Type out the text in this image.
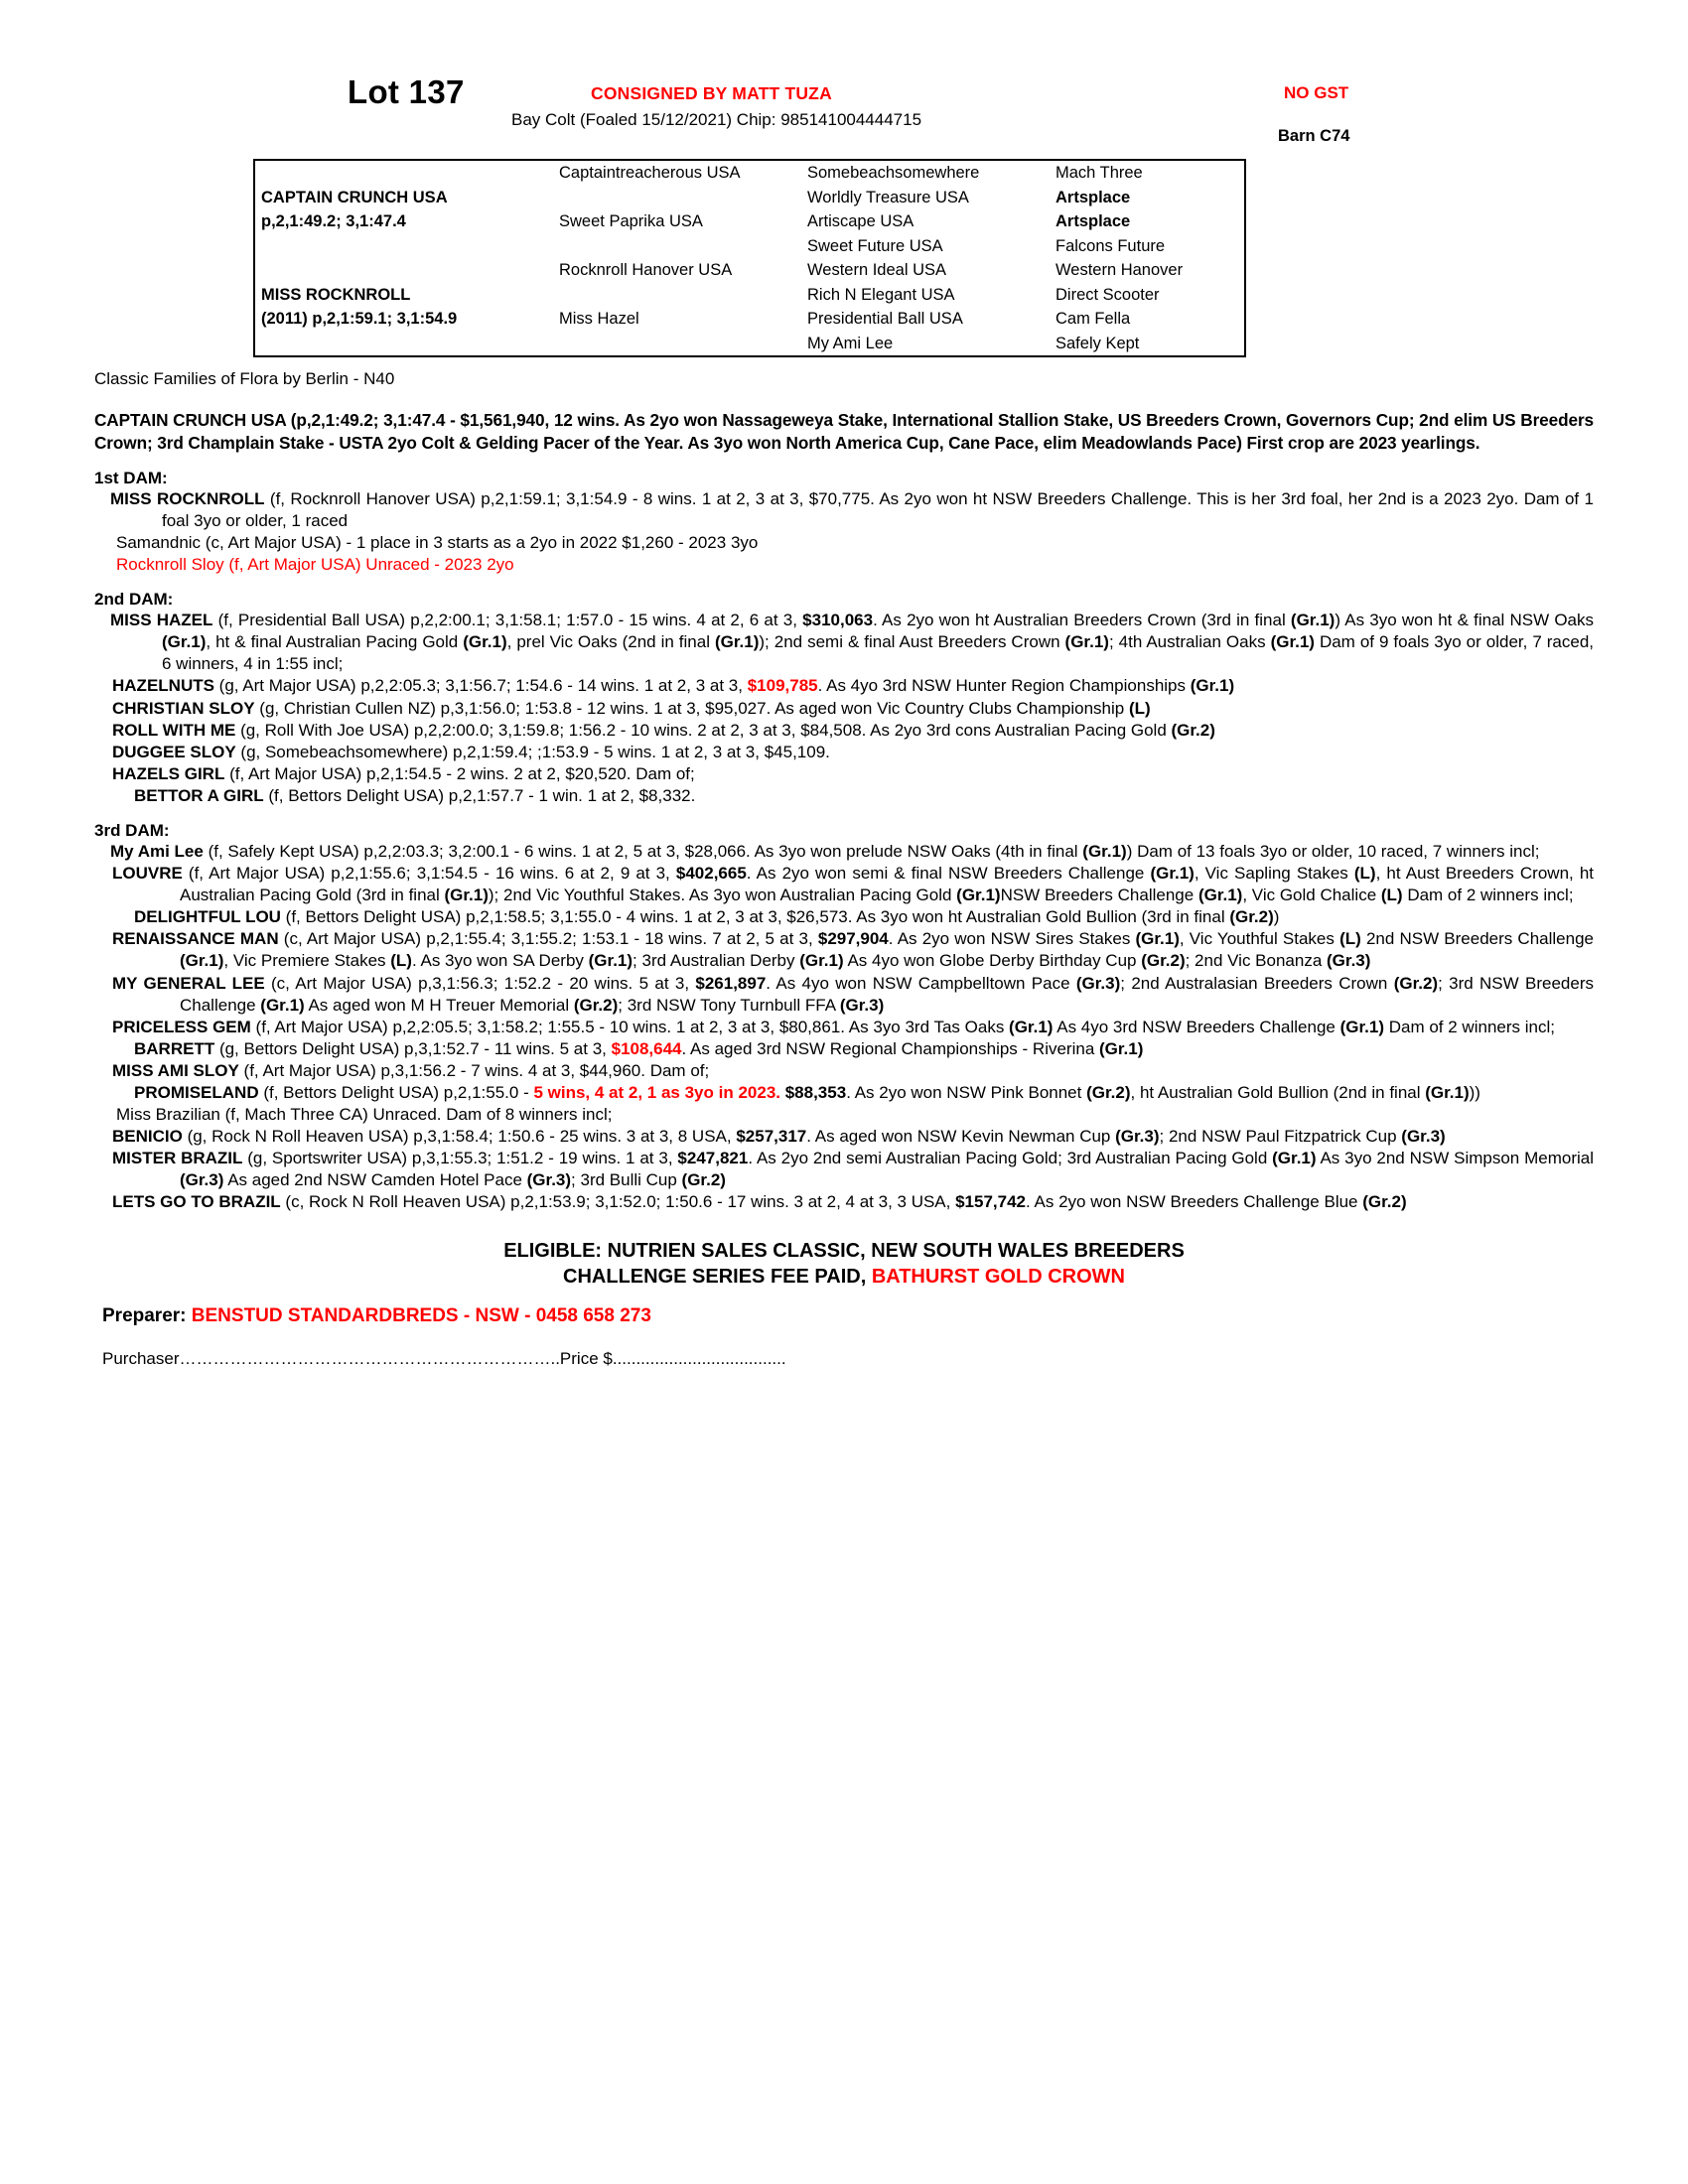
Lot 137	CONSIGNED BY MATT TUZA	NO GST
Bay Colt (Foaled 15/12/2021) Chip: 985141004444715
Barn C74
CAPTAIN CRUNCH USA
p,2,1:49.2; 3,1:47.4	Captaintreacherous USA	Somebeachsomewhere	Mach Three
		Worldly Treasure USA	Artsplace
	Sweet Paprika USA	Artiscape USA	Artsplace
		Sweet Future USA	Falcons Future

MISS ROCKNROLL
(2011) p,2,1:59.1; 3,1:54.9	Rocknroll Hanover USA	Western Ideal USA	Western Hanover
		Rich N Elegant USA	Direct Scooter
	Miss Hazel	Presidential Ball USA	Cam Fella
		My Ami Lee	Safely Kept
Classic Families of Flora by Berlin - N40
CAPTAIN CRUNCH USA (p,2,1:49.2; 3,1:47.4 - $1,561,940, 12 wins. As 2yo won Nassageweya Stake, International Stallion Stake, US Breeders Crown, Governors Cup; 2nd elim US Breeders Crown; 3rd Champlain Stake - USTA 2yo Colt & Gelding Pacer of the Year. As 3yo won North America Cup, Cane Pace, elim Meadowlands Pace) First crop are 2023 yearlings.
1st DAM:
MISS ROCKNROLL (f, Rocknroll Hanover USA) p,2,1:59.1; 3,1:54.9 - 8 wins. 1 at 2, 3 at 3, $70,775. As 2yo won ht NSW Breeders Challenge. This is her 3rd foal, her 2nd is a 2023 2yo. Dam of 1 foal 3yo or older, 1 raced
Samandnic (c, Art Major USA) - 1 place in 3 starts as a 2yo in 2022 $1,260 - 2023 3yo
Rocknroll Sloy (f, Art Major USA) Unraced - 2023 2yo
2nd DAM:
MISS HAZEL (f, Presidential Ball USA) p,2,2:00.1; 3,1:58.1; 1:57.0 - 15 wins. 4 at 2, 6 at 3, $310,063. As 2yo won ht Australian Breeders Crown (3rd in final (Gr.1)) As 3yo won ht & final NSW Oaks (Gr.1), ht & final Australian Pacing Gold (Gr.1), prel Vic Oaks (2nd in final (Gr.1)); 2nd semi & final Aust Breeders Crown (Gr.1); 4th Australian Oaks (Gr.1) Dam of 9 foals 3yo or older, 7 raced, 6 winners, 4 in 1:55 incl;
HAZELNUTS (g, Art Major USA) p,2,2:05.3; 3,1:56.7; 1:54.6 - 14 wins. 1 at 2, 3 at 3, $109,785. As 4yo 3rd NSW Hunter Region Championships (Gr.1)
CHRISTIAN SLOY (g, Christian Cullen NZ) p,3,1:56.0; 1:53.8 - 12 wins. 1 at 3, $95,027. As aged won Vic Country Clubs Championship (L)
ROLL WITH ME (g, Roll With Joe USA) p,2,2:00.0; 3,1:59.8; 1:56.2 - 10 wins. 2 at 2, 3 at 3, $84,508. As 2yo 3rd cons Australian Pacing Gold (Gr.2)
DUGGEE SLOY (g, Somebeachsomewhere) p,2,1:59.4; ;1:53.9 - 5 wins. 1 at 2, 3 at 3, $45,109.
HAZELS GIRL (f, Art Major USA) p,2,1:54.5 - 2 wins. 2 at 2, $20,520. Dam of;
BETTOR A GIRL (f, Bettors Delight USA) p,2,1:57.7 - 1 win. 1 at 2, $8,332.
3rd DAM:
My Ami Lee (f, Safely Kept USA) p,2,2:03.3; 3,2:00.1 - 6 wins. 1 at 2, 5 at 3, $28,066. As 3yo won prelude NSW Oaks (4th in final (Gr.1)) Dam of 13 foals 3yo or older, 10 raced, 7 winners incl;
LOUVRE (f, Art Major USA) p,2,1:55.6; 3,1:54.5 - 16 wins. 6 at 2, 9 at 3, $402,665. As 2yo won semi & final NSW Breeders Challenge (Gr.1), Vic Sapling Stakes (L), ht Aust Breeders Crown, ht Australian Pacing Gold (3rd in final (Gr.1)); 2nd Vic Youthful Stakes. As 3yo won Australian Pacing Gold (Gr.1)NSW Breeders Challenge (Gr.1), Vic Gold Chalice (L) Dam of 2 winners incl;
DELIGHTFUL LOU (f, Bettors Delight USA) p,2,1:58.5; 3,1:55.0 - 4 wins. 1 at 2, 3 at 3, $26,573. As 3yo won ht Australian Gold Bullion (3rd in final (Gr.2))
RENAISSANCE MAN (c, Art Major USA) p,2,1:55.4; 3,1:55.2; 1:53.1 - 18 wins. 7 at 2, 5 at 3, $297,904. As 2yo won NSW Sires Stakes (Gr.1), Vic Youthful Stakes (L) 2nd NSW Breeders Challenge (Gr.1), Vic Premiere Stakes (L). As 3yo won SA Derby (Gr.1); 3rd Australian Derby (Gr.1) As 4yo won Globe Derby Birthday Cup (Gr.2); 2nd Vic Bonanza (Gr.3)
MY GENERAL LEE (c, Art Major USA) p,3,1:56.3; 1:52.2 - 20 wins. 5 at 3, $261,897. As 4yo won NSW Campbelltown Pace (Gr.3); 2nd Australasian Breeders Crown (Gr.2); 3rd NSW Breeders Challenge (Gr.1) As aged won M H Treuer Memorial (Gr.2); 3rd NSW Tony Turnbull FFA (Gr.3)
PRICELESS GEM (f, Art Major USA) p,2,2:05.5; 3,1:58.2; 1:55.5 - 10 wins. 1 at 2, 3 at 3, $80,861. As 3yo 3rd Tas Oaks (Gr.1) As 4yo 3rd NSW Breeders Challenge (Gr.1) Dam of 2 winners incl;
BARRETT (g, Bettors Delight USA) p,3,1:52.7 - 11 wins. 5 at 3, $108,644. As aged 3rd NSW Regional Championships - Riverina (Gr.1)
MISS AMI SLOY (f, Art Major USA) p,3,1:56.2 - 7 wins. 4 at 3, $44,960. Dam of;
PROMISELAND (f, Bettors Delight USA) p,2,1:55.0 - 5 wins, 4 at 2, 1 as 3yo in 2023. $88,353. As 2yo won NSW Pink Bonnet (Gr.2), ht Australian Gold Bullion (2nd in final (Gr.1)))
Miss Brazilian (f, Mach Three CA) Unraced. Dam of 8 winners incl;
BENICIO (g, Rock N Roll Heaven USA) p,3,1:58.4; 1:50.6 - 25 wins. 3 at 3, 8 USA, $257,317. As aged won NSW Kevin Newman Cup (Gr.3); 2nd NSW Paul Fitzpatrick Cup (Gr.3)
MISTER BRAZIL (g, Sportswriter USA) p,3,1:55.3; 1:51.2 - 19 wins. 1 at 3, $247,821. As 2yo 2nd semi Australian Pacing Gold; 3rd Australian Pacing Gold (Gr.1) As 3yo 2nd NSW Simpson Memorial (Gr.3) As aged 2nd NSW Camden Hotel Pace (Gr.3); 3rd Bulli Cup (Gr.2)
LETS GO TO BRAZIL (c, Rock N Roll Heaven USA) p,2,1:53.9; 3,1:52.0; 1:50.6 - 17 wins. 3 at 2, 4 at 3, 3 USA, $157,742. As 2yo won NSW Breeders Challenge Blue (Gr.2)
ELIGIBLE: NUTRIEN SALES CLASSIC, NEW SOUTH WALES BREEDERS
CHALLENGE SERIES FEE PAID, BATHURST GOLD CROWN
Preparer: BENSTUD STANDARDBREDS - NSW - 0458 658 273
Purchaser…………………………………………………………..Price $.....................................
